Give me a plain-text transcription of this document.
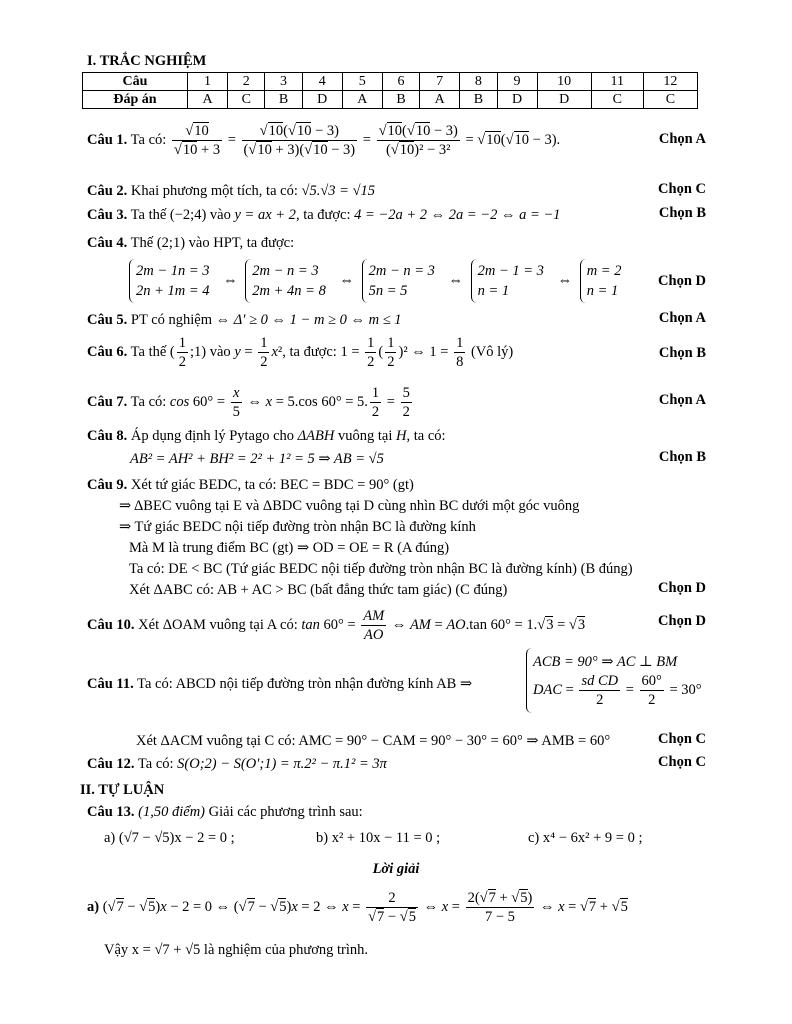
I. TRẮC NGHIỆM
Câu	1	2	3	4	5	6	7	8	9	10	11	12
Đáp án	A	C	B	D	A	B	A	B	D	D	C	C
Câu 1. Ta có: $\frac{√10}{√10 + 3} = \frac{√10(√10 - 3)}{(√10 + 3)(√10 - 3)} = \frac{√10(√10 - 3)}{\text{(√10)² − 3²}} = √10(√10 - 3)$.	Chọn A
Câu 2. Khai phương một tích, ta có: √5.√3 = √15	Chọn C
Câu 3. Ta thế (−2;4) vào y = ax + 2, ta được: 4 = −2a + 2 ⇔ 2a = −2 ⇔ a = −1	Chọn B
Câu 4. Thế (2;1) vào HPT, ta được:
2m − 1n = 3
2n + 1m = 4 ⇔ 2m − n = 3
2m + 4n = 8 ⇔ 2m − n = 3
5n = 5 ⇔ 2m − 1 = 3
n = 1 ⇔ m = 2
n = 1
Chọn D
Câu 5. PT có nghiệm ⇔ Δ′ ≥ 0 ⇔ 1 − m ≥ 0 ⇔ m ≤ 1	Chọn A
Câu 6. Ta thế ( $\frac{1}{2}$ ;1) vào $y = \frac{1}{2} x^2$, ta được: $1 = \frac{1}{2}$ ( $\frac{1}{2} )^2$ ⇔ $1 = \frac{1}{8}$ (Vô lý)	Chọn B
Câu 7. Ta có: $\cos 60^\circ = \frac{x}{5}$ ⇔ x = 5.cos 60° = 5. $\frac{1}{2} = \frac{5}{2}$	Chọn A
Câu 8. Áp dụng định lý Pytago cho ΔABH vuông tại H, ta có:
AB² = AH² + BH² = 2² + 1² = 5 ⇒ AB = √5	Chọn B
Câu 9. Xét tứ giác BEDC, ta có: BEC = BDC = 90° (gt)
⇒ ΔBEC vuông tại E và ΔBDC vuông tại D cùng nhìn BC dưới một góc vuông
⇒ Tứ giác BEDC nội tiếp đường tròn nhận BC là đường kính
Mà M là trung điểm BC (gt) ⇒ OD = OE = R (A đúng)
Ta có: DE < BC (Tứ giác BEDC nội tiếp đường tròn nhận BC là đường kính) (B đúng)
Xét ΔABC có: AB + AC > BC (bất đẳng thức tam giác) (C đúng)	Chọn D
Câu 10. Xét ΔOAM vuông tại A có: $\tan 60^\circ = \frac{AM}{AO}$ ⇔ AM = AO.tan 60° = 1.√3 = √3	Chọn D
Câu 11. Ta có: ABCD nội tiếp đường tròn nhận đường kính AB ⇒
ACB = 90° ⇒ AC ⊥ BM
DAC = $\frac{\text{sd CD}}{2} = \frac{60^\circ}{2} = 30^\circ$
Xét ΔACM vuông tại C có: AMC = 90° − CAM = 90° − 30° = 60° ⇒ AMB = 60°	Chọn C
Câu 12. Ta có: S(O;2) − S(O′;1) = π.2² − π.1² = 3π	Chọn C
II. TỰ LUẬN
Câu 13. (1,50 điểm) Giải các phương trình sau:
a) (√7 − √5)x − 2 = 0 ;	b) x² + 10x − 11 = 0 ;	c) x⁴ − 6x² + 9 = 0 ;
Lời giải
a) (√7 − √5)x − 2 = 0 ⇔ (√7 − √5)x = 2 ⇔ $x = \frac{2}{√7 - √5}$ ⇔ $x = \frac{2(√7 + √5)}{7 - 5}$ ⇔ x = √7 + √5
Vậy x = √7 + √5 là nghiệm của phương trình.
